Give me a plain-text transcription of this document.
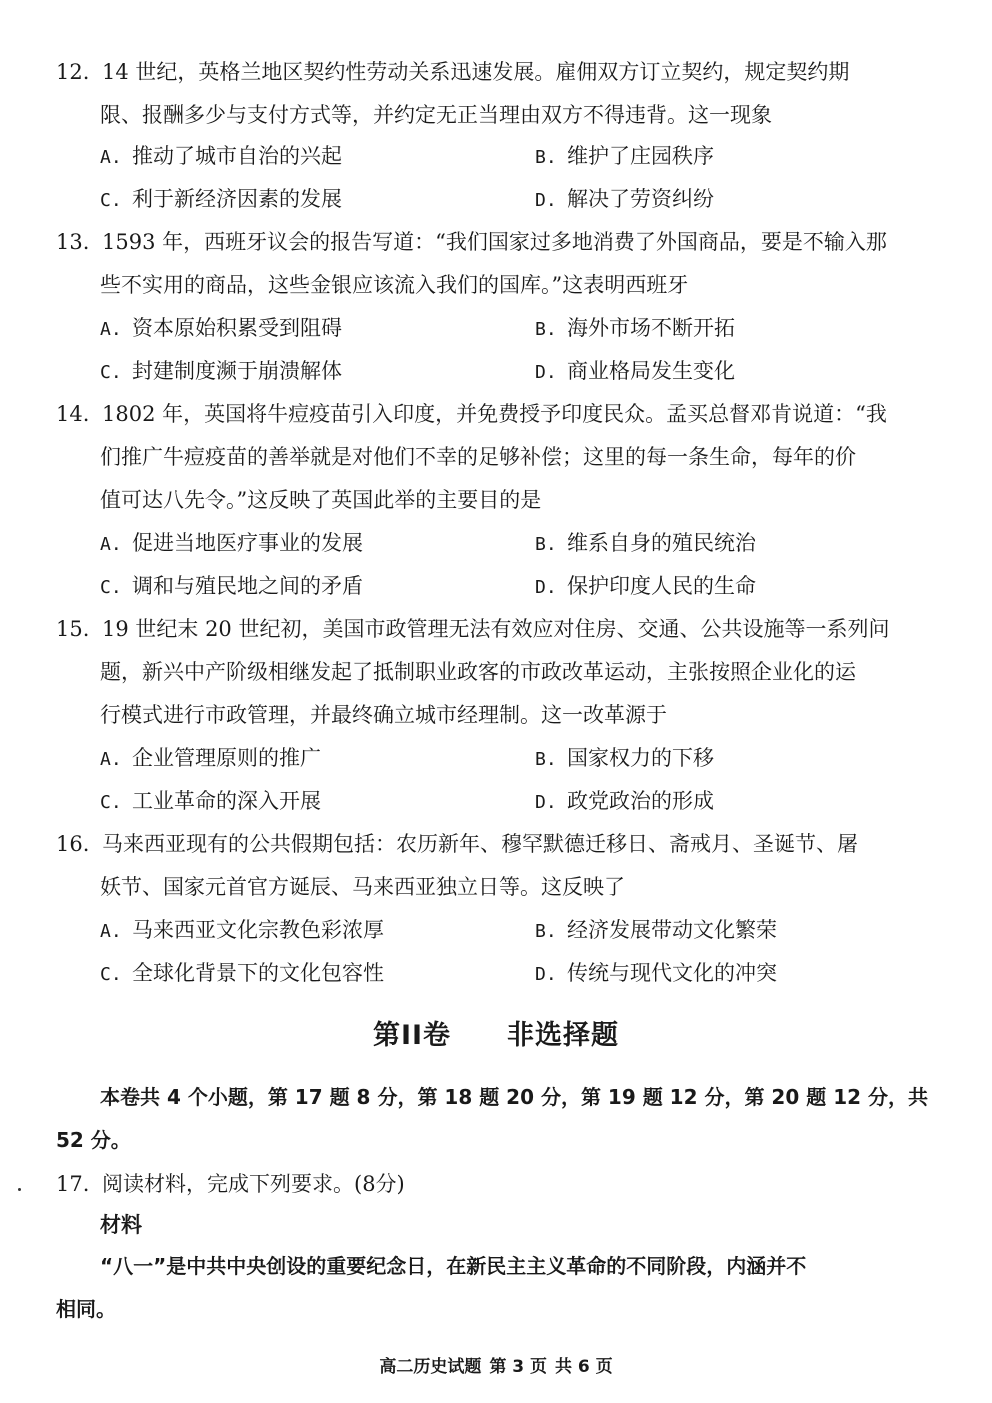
12. 14 世纪，英格兰地区契约性劳动关系迅速发展。雇佣双方订立契约，规定契约期
限、报酬多少与支付方式等，并约定无正当理由双方不得违背。这一现象
A. 推动了城市自治的兴起	B. 维护了庄园秩序
C. 利于新经济因素的发展	D. 解决了劳资纠纷
13. 1593 年，西班牙议会的报告写道：“我们国家过多地消费了外国商品，要是不输入那
些不实用的商品，这些金银应该流入我们的国库。”这表明西班牙
A. 资本原始积累受到阻碍	B. 海外市场不断开拓
C. 封建制度濒于崩溃解体	D. 商业格局发生变化
14. 1802 年，英国将牛痘疫苗引入印度，并免费授予印度民众。孟买总督邓肯说道：“我
们推广牛痘疫苗的善举就是对他们不幸的足够补偿；这里的每一条生命，每年的价
值可达八先令。”这反映了英国此举的主要目的是
A. 促进当地医疗事业的发展	B. 维系自身的殖民统治
C. 调和与殖民地之间的矛盾	D. 保护印度人民的生命
15. 19 世纪末 20 世纪初，美国市政管理无法有效应对住房、交通、公共设施等一系列问
题，新兴中产阶级相继发起了抵制职业政客的市政改革运动，主张按照企业化的运
行模式进行市政管理，并最终确立城市经理制。这一改革源于
A. 企业管理原则的推广	B. 国家权力的下移
C. 工业革命的深入开展	D. 政党政治的形成
16. 马来西亚现有的公共假期包括：农历新年、穆罕默德迁移日、斋戒月、圣诞节、屠
妖节、国家元首官方诞辰、马来西亚独立日等。这反映了
A. 马来西亚文化宗教色彩浓厚	B. 经济发展带动文化繁荣
C. 全球化背景下的文化包容性	D. 传统与现代文化的冲突
第II卷 非选择题
本卷共 4 个小题，第 17 题 8 分，第 18 题 20 分，第 19 题 12 分，第 20 题 12 分，共
52 分。
17. 阅读材料，完成下列要求。(8分)
材料
“八一”是中共中央创设的重要纪念日，在新民主主义革命的不同阶段，内涵并不
相同。
高二历史试题 第 3 页 共 6 页
